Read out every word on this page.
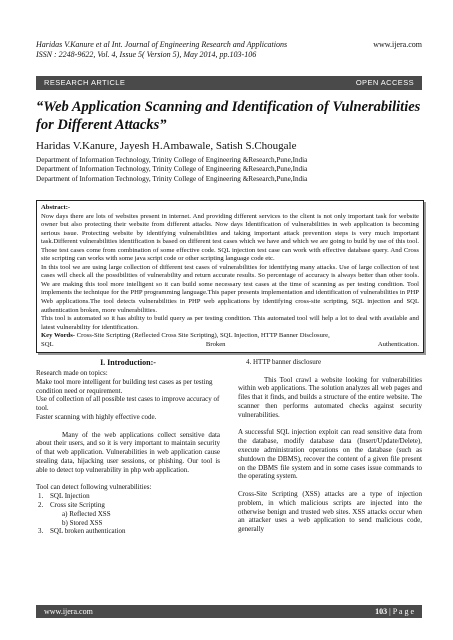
Haridas V.Kanure et al Int. Journal of Engineering Research and Applications
ISSN : 2248-9622, Vol. 4, Issue 5( Version 5), May 2014, pp.103-106
www.ijera.com
RESEARCH ARTICLE	OPEN ACCESS
“Web Application Scanning and Identification of Vulnerabilities for Different Attacks”
Haridas V.Kanure, Jayesh H.Ambawale, Satish S.Chougale
Department of Information Technology, Trinity College of Engineering &Research,Pune,India
Department of Information Technology, Trinity College of Engineering &Research,Pune,India
Department of Information Technology, Trinity College of Engineering &Research,Pune,India
Abstract:-

Now days there are lots of websites present in internet. And providing different services to the client is not only important task for website owner but also protecting their website from different attacks. Now days Identification of vulnerabilities in web application is becoming serious issue. Protecting website by identifying vulnerabilities and taking important attack prevention steps is very much important task.Different vulnerabilities identification is based on different test cases which we have and which we are going to build by use of this tool. Those test cases come from combination of some effective code. SQL injection test case can work with effective database query. And Cross site scripting can works with some java script code or other scripting language code etc.

In this tool we are using large collection of different test cases of vulnerabilities for identifying many attacks. Use of large collection of test cases will check all the possibilities of vulnerability and return accurate results. So percentage of accuracy is always better than other tools. We are making this tool more intelligent so it can build some necessary test cases at the time of scanning as per testing condition. Tool implements the technique for the PHP programming language.This paper presents implementation and identification of vulnerabilities in PHP Web applications.The tool detects vulnerabilities in PHP web applications by identifying cross-site scripting, SQL injection and SQL authentication broken, more vulnerabilities.

This tool is automated so it has ability to build query as per testing condition. This automated tool will help a lot to deal with available and latest vulnerability for identification.

Key Words- Cross-Site Scripting (Reflected Cross Site Scripting), SQL Injection, HTTP Banner Disclosure,

SQL	Broken	Authentication.

I. Introduction:-

Research made on topics:

Make tool more intelligent for building test cases as per testing condition need or requirement.

Use of collection of all possible test cases to improve accuracy of tool.

Faster scanning with highly effective code.

Many of the web applications collect sensitive data about their users, and so it is very important to maintain security of that web application. Vulnerabilities in web application cause stealing data, hijacking user sessions, or phishing. Our tool is able to detect top vulnerability in php web application.

Tool can detect following vulnerabilities:

1. SQL Injection
2. Cross site Scripting
a) Reflected XSS
b) Stored XSS
3. SQL broken authentication

4. HTTP banner disclosure

This Tool crawl a website looking for vulnerabilities within web applications. The solution analyzes all web pages and files that it finds, and builds a structure of the entire website. The scanner then performs automated checks against security vulnerabilities.

A successful SQL injection exploit can read sensitive data from the database, modify database data (Insert/Update/Delete), execute administration operations on the database (such as shutdown the DBMS), recover the content of a given file present on the DBMS file system and in some cases issue commands to the operating system.

Cross-Site Scripting (XSS) attacks are a type of injection problem, in which malicious scripts are injected into the otherwise benign and trusted web sites. XSS attacks occur when an attacker uses a web application to send malicious code, generally

www.ijera.com	103 | P a g e
